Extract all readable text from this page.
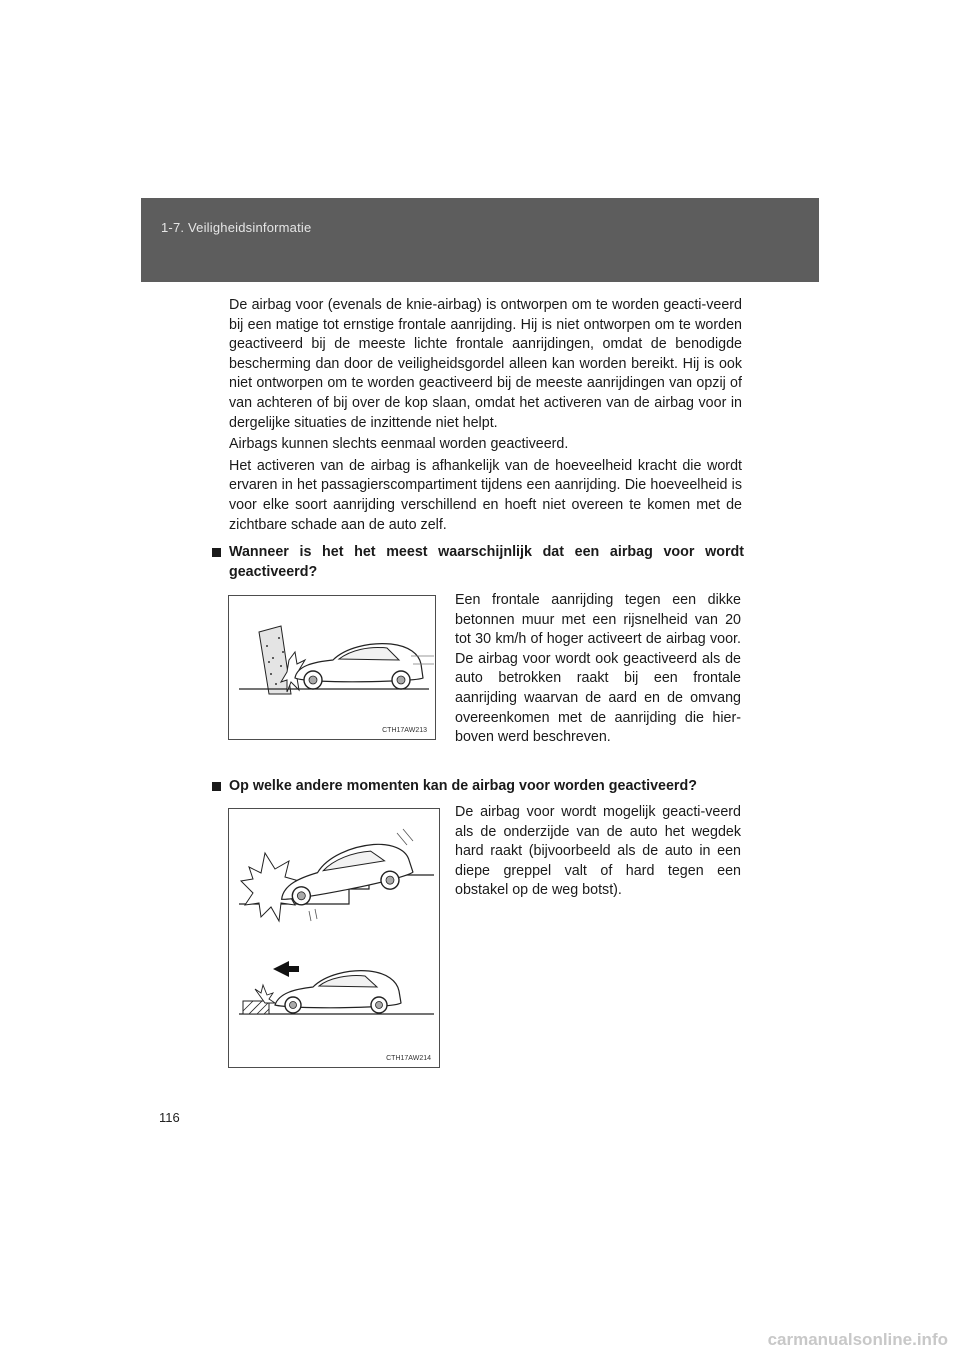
1-7. Veiligheidsinformatie

De airbag voor (evenals de knie-airbag) is ontworpen om te worden geacti-veerd bij een matige tot ernstige frontale aanrijding. Hij is niet ontworpen om te worden geactiveerd bij de meeste lichte frontale aanrijdingen, omdat de benodigde bescherming dan door de veiligheidsgordel alleen kan worden bereikt. Hij is ook niet ontworpen om te worden geactiveerd bij de meeste aanrijdingen van opzij of van achteren of bij over de kop slaan, omdat het activeren van de airbag voor in dergelijke situaties de inzittende niet helpt.

Airbags kunnen slechts eenmaal worden geactiveerd.

Het activeren van de airbag is afhankelijk van de hoeveelheid kracht die wordt ervaren in het passagierscompartiment tijdens een aanrijding. Die hoeveelheid is voor elke soort aanrijding verschillend en hoeft niet overeen te komen met de zichtbare schade aan de auto zelf.

Wanneer is het het meest waarschijnlijk dat een airbag voor wordt geactiveerd?
CTH17AW213
Een frontale aanrijding tegen een dikke betonnen muur met een rijsnelheid van 20 tot 30 km/h of hoger activeert de airbag voor. De airbag voor wordt ook geactiveerd als de auto betrokken raakt bij een frontale aanrijding waarvan de aard en de omvang overeenkomen met de aanrijding die hier-boven werd beschreven.
Op welke andere momenten kan de airbag voor worden geactiveerd?
CTH17AW214
De airbag voor wordt mogelijk geacti-veerd als de onderzijde van de auto het wegdek hard raakt (bijvoorbeeld als de auto in een diepe greppel valt of hard tegen een obstakel op de weg botst).
116
carmanualsonline.info
